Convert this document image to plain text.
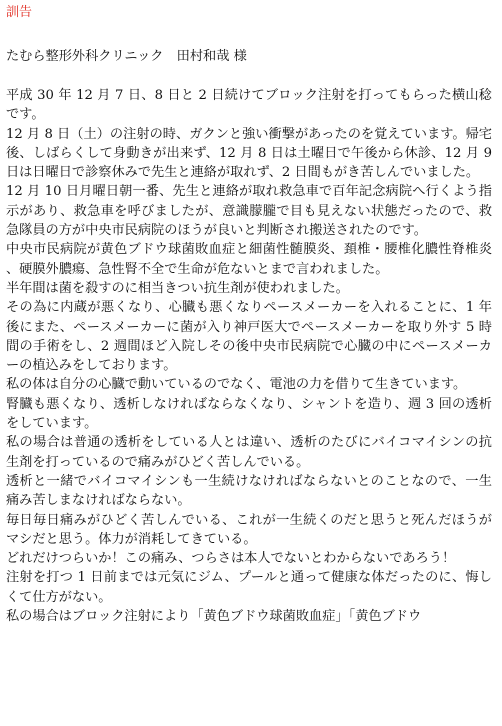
訓告

たむら整形外科クリニック　田村和哉 様

平成 30 年 12 月 7 日、8 日と 2 日続けてブロック注射を打ってもらった横山稔です。

12 月 8 日（土）の注射の時、ガクンと強い衝撃があったのを覚えています。帰宅後、しばらくして身動きが出来ず、12 月 8 日は土曜日で午後から休診、12 月 9 日は日曜日で診察休みで先生と連絡が取れず、2 日間もがき苦しんでいました。

12 月 10 日月曜日朝一番、先生と連絡が取れ救急車で百年記念病院へ行くよう指示があり、救急車を呼びましたが、意識朦朧で目も見えない状態だったので、救急隊員の方が中央市民病院のほうが良いと判断され搬送されたのです。

中央市民病院が黄色ブドウ球菌敗血症と細菌性髄膜炎、頚椎・腰椎化膿性脊椎炎、硬膜外膿瘍、急性腎不全で生命が危ないとまで言われました。

半年間は菌を殺すのに相当きつい抗生剤が使われました。

その為に内蔵が悪くなり、心臓も悪くなりペースメーカーを入れることに、1 年後にまた、ペースメーカーに菌が入り神戸医大でペースメーカーを取り外す 5 時間の手術をし、2 週間ほど入院しその後中央市民病院で心臓の中にペースメーカーの植込みをしております。

私の体は自分の心臓で動いているのでなく、電池の力を借りて生きています。

腎臓も悪くなり、透析しなければならなくなり、シャントを造り、週 3 回の透析をしています。

私の場合は普通の透析をしている人とは違い、透析のたびにバイコマイシンの抗生剤を打っているので痛みがひどく苦しんでいる。

透析と一緒でバイコマイシンも一生続けなければならないとのことなので、一生痛み苦しまなければならない。

毎日毎日痛みがひどく苦しんでいる、これが一生続くのだと思うと死んだほうがマシだと思う。体力が消耗してきている。

どれだけつらいか！この痛み、つらさは本人でないとわからないであろう！

注射を打つ 1 日前までは元気にジム、プールと通って健康な体だったのに、悔しくて仕方がない。

私の場合はブロック注射により「黄色ブドウ球菌敗血症」「黄色ブドウ
